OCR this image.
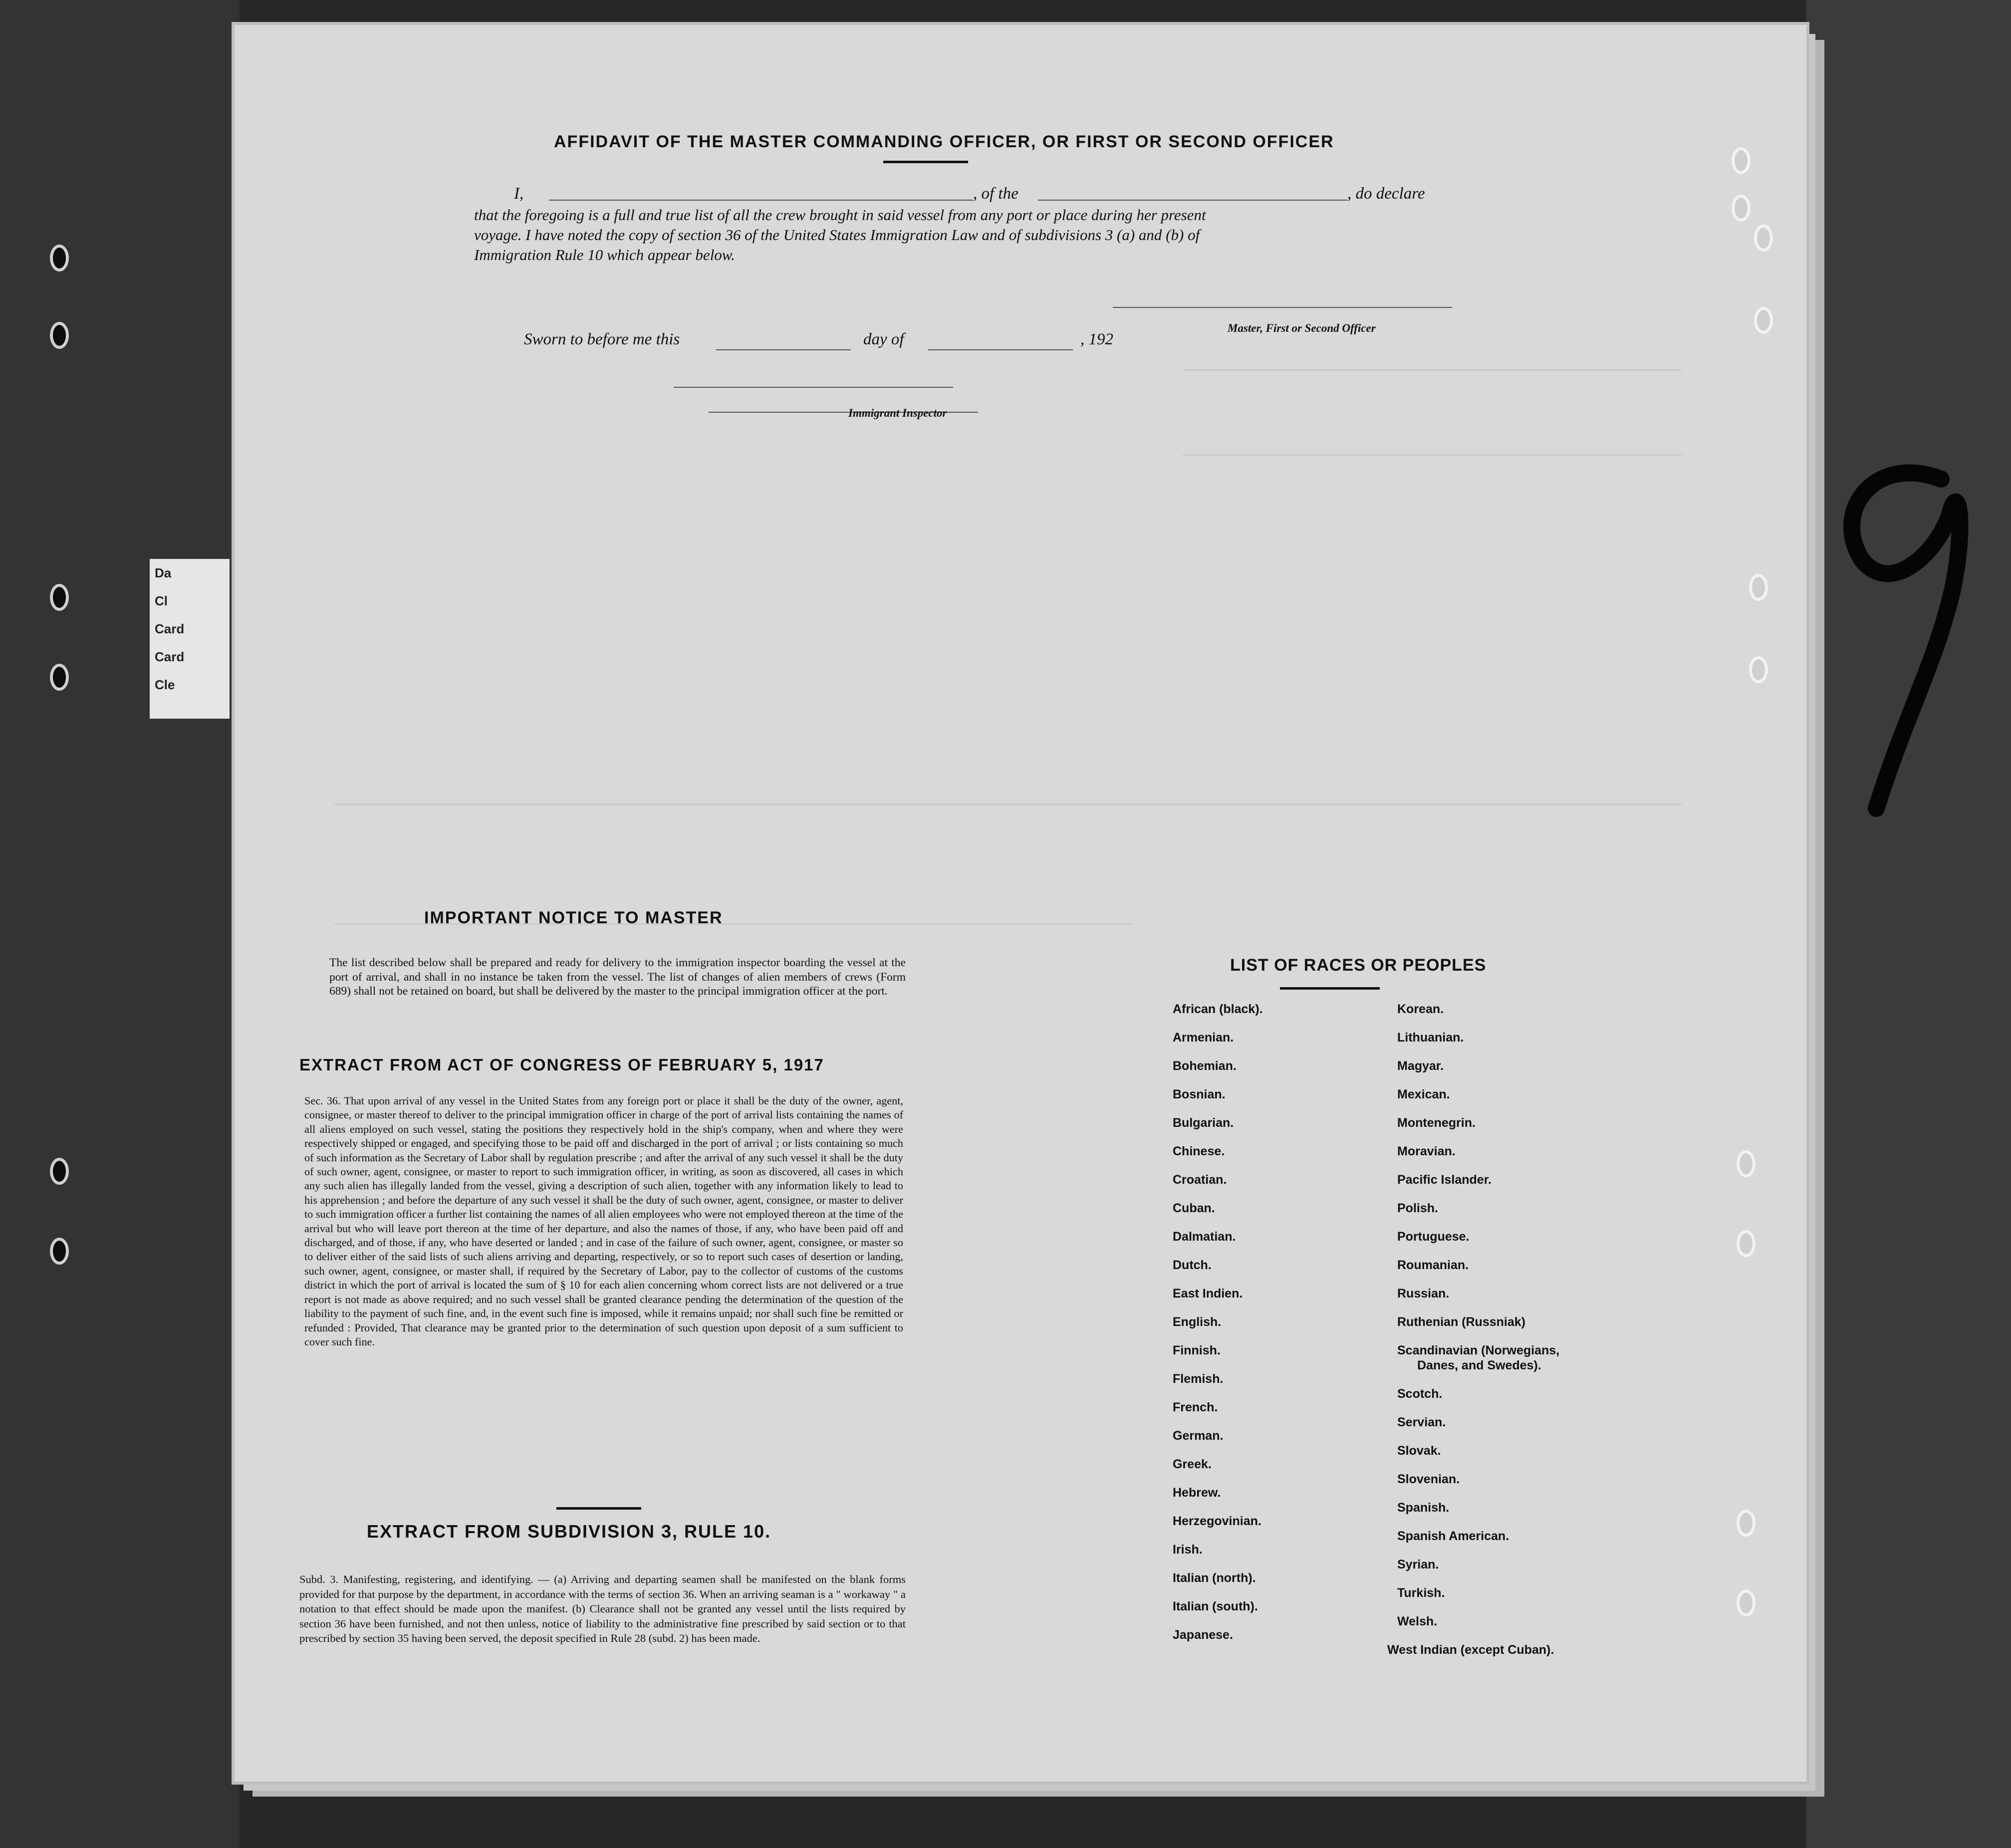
Da
Cl
Card
Card
Cle
AFFIDAVIT OF THE MASTER COMMANDING OFFICER, OR FIRST OR SECOND OFFICER
I,	, of the	, do declare
that the foregoing is a full and true list of all the crew brought in said vessel from any port or place during her present
voyage. I have noted the copy of section 36 of the United States Immigration Law and of subdivisions 3 (a) and (b) of
Immigration Rule 10 which appear below.
Master, First or Second Officer
Sworn to before me this	day of	, 192
Immigrant Inspector
IMPORTANT NOTICE TO MASTER
The list described below shall be prepared and ready for delivery to the immigration inspector boarding the vessel at the port of arrival, and shall in no instance be taken from the vessel. The list of changes of alien members of crews (Form 689) shall not be retained on board, but shall be delivered by the master to the principal immigration officer at the port.
EXTRACT FROM ACT OF CONGRESS OF FEBRUARY 5, 1917
Sec. 36. That upon arrival of any vessel in the United States from any foreign port or place it shall be the duty of the owner, agent, consignee, or master thereof to deliver to the principal immigration officer in charge of the port of arrival lists containing the names of all aliens employed on such vessel, stating the positions they respectively hold in the ship's company, when and where they were respectively shipped or engaged, and specifying those to be paid off and discharged in the port of arrival ; or lists containing so much of such information as the Secretary of Labor shall by regulation prescribe ; and after the arrival of any such vessel it shall be the duty of such owner, agent, consignee, or master to report to such immigration officer, in writing, as soon as discovered, all cases in which any such alien has illegally landed from the vessel, giving a description of such alien, together with any information likely to lead to his apprehension ; and before the departure of any such vessel it shall be the duty of such owner, agent, consignee, or master to deliver to such immigration officer a further list containing the names of all alien employees who were not employed thereon at the time of the arrival but who will leave port thereon at the time of her departure, and also the names of those, if any, who have been paid off and discharged, and of those, if any, who have deserted or landed ; and in case of the failure of such owner, agent, consignee, or master so to deliver either of the said lists of such aliens arriving and departing, respectively, or so to report such cases of desertion or landing, such owner, agent, consignee, or master shall, if required by the Secretary of Labor, pay to the collector of customs of the customs district in which the port of arrival is located the sum of § 10 for each alien concerning whom correct lists are not delivered or a true report is not made as above required; and no such vessel shall be granted clearance pending the determination of the question of the liability to the payment of such fine, and, in the event such fine is imposed, while it remains unpaid; nor shall such fine be remitted or refunded : Provided, That clearance may be granted prior to the determination of such question upon deposit of a sum sufficient to cover such fine.
EXTRACT FROM SUBDIVISION 3, RULE 10.
Subd. 3. Manifesting, registering, and identifying. — (a) Arriving and departing seamen shall be manifested on the blank forms provided for that purpose by the department, in accordance with the terms of section 36. When an arriving seaman is a " workaway " a notation to that effect should be made upon the manifest. (b) Clearance shall not be granted any vessel until the lists required by section 36 have been furnished, and not then unless, notice of liability to the administrative fine prescribed by said section or to that prescribed by section 35 having been served, the deposit specified in Rule 28 (subd. 2) has been made.
LIST OF RACES OR PEOPLES
African (black).
Armenian.
Bohemian.
Bosnian.
Bulgarian.
Chinese.
Croatian.
Cuban.
Dalmatian.
Dutch.
East Indien.
English.
Finnish.
Flemish.
French.
German.
Greek.
Hebrew.
Herzegovinian.
Irish.
Italian (north).
Italian (south).
Japanese.
Korean.
Lithuanian.
Magyar.
Mexican.
Montenegrin.
Moravian.
Pacific Islander.
Polish.
Portuguese.
Roumanian.
Russian.
Ruthenian (Russniak)
Scandinavian (Norwegians,
Danes, and Swedes).
Scotch.
Servian.
Slovak.
Slovenian.
Spanish.
Spanish American.
Syrian.
Turkish.
Welsh.
West Indian (except Cuban).
